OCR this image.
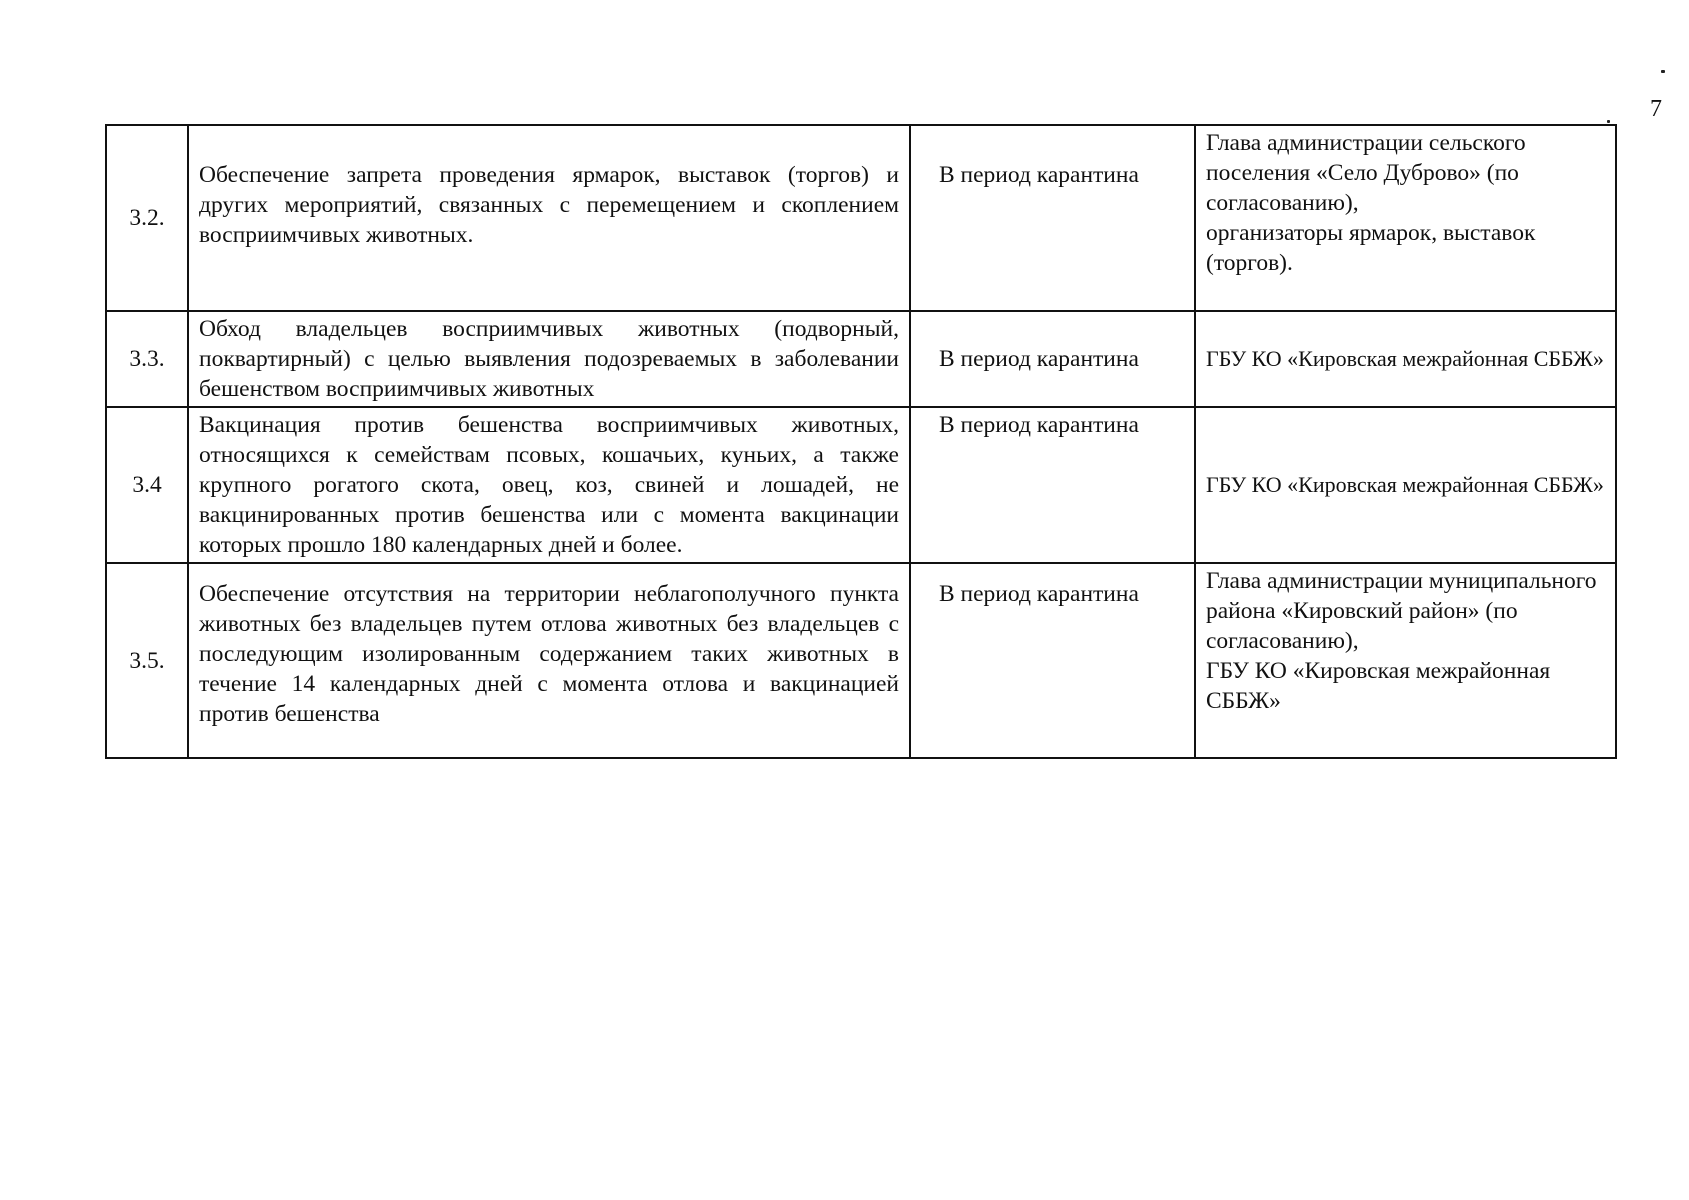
7
3.2.	Обеспечение запрета проведения ярмарок, выставок (торгов) и других мероприятий, связанных с перемещением и скоплением восприимчивых животных.	В период карантина	Глава администрации сельского поселения «Село Дуброво» (по согласованию),
организаторы ярмарок, выставок (торгов).
3.3.	Обход владельцев восприимчивых животных (подворный, поквартирный) с целью выявления подозреваемых в заболевании бешенством восприимчивых животных	В период карантина	ГБУ КО «Кировская межрайонная СББЖ»
3.4	Вакцинация против бешенства восприимчивых животных, относящихся к семействам псовых, кошачьих, куньих, а также крупного рогатого скота, овец, коз, свиней и лошадей, не вакцинированных против бешенства или с момента вакцинации которых прошло 180 календарных дней и более.	В период карантина	ГБУ КО «Кировская межрайонная СББЖ»
3.5.	Обеспечение отсутствия на территории неблагополучного пункта животных без владельцев путем отлова животных без владельцев с последующим изолированным содержанием таких животных в течение 14 календарных дней с момента отлова и вакцинацией против бешенства	В период карантина	Глава администрации муниципального района «Кировский район» (по согласованию),
ГБУ КО «Кировская межрайонная СББЖ»
